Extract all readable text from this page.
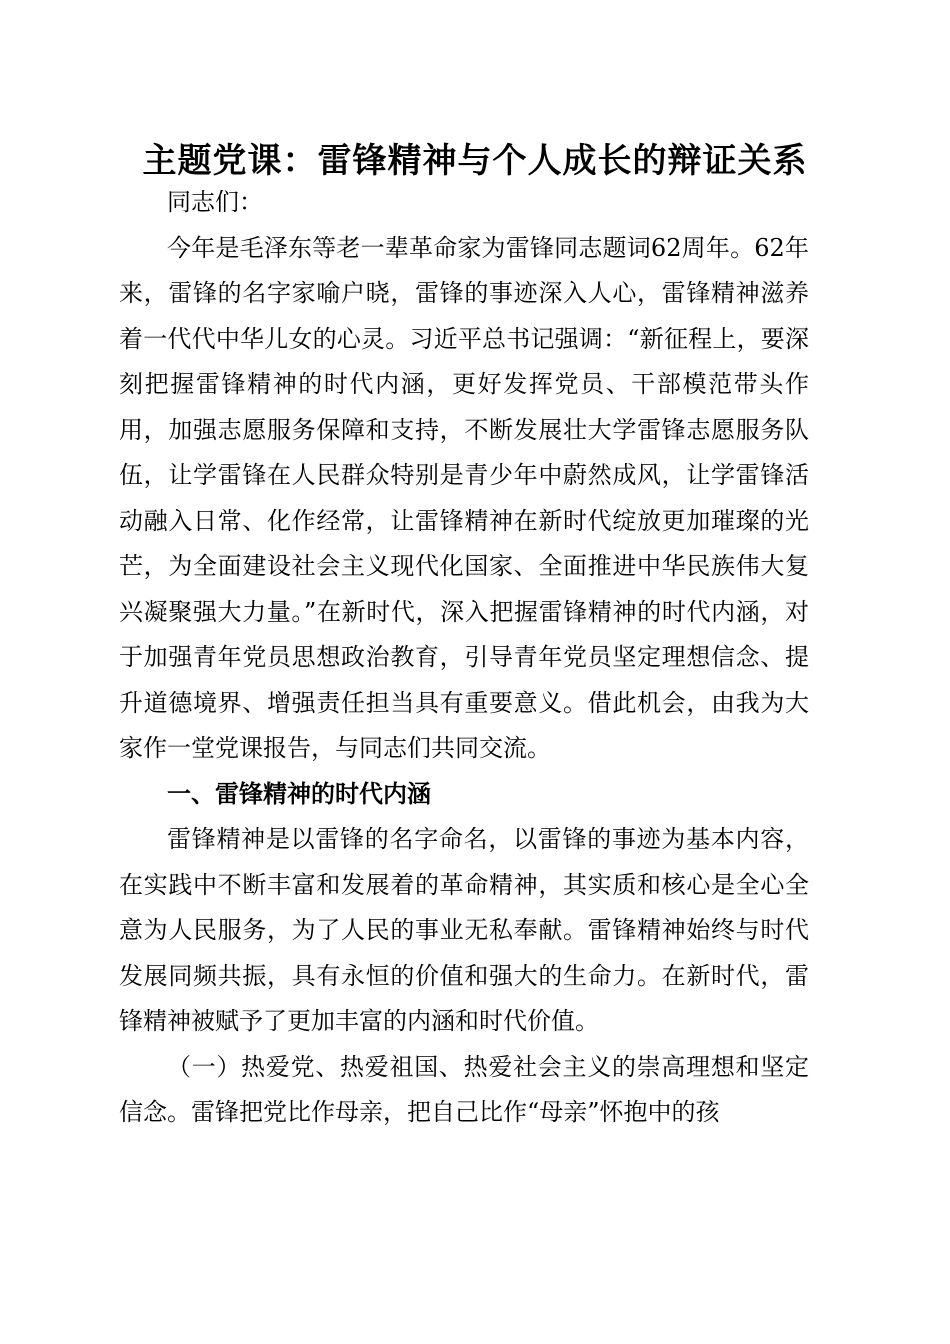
主题党课：雷锋精神与个人成长的辩证关系

同志们：

今年是毛泽东等老一辈革命家为雷锋同志题词62周年。62年来，雷锋的名字家喻户晓，雷锋的事迹深入人心，雷锋精神滋养着一代代中华儿女的心灵。习近平总书记强调：“新征程上，要深刻把握雷锋精神的时代内涵，更好发挥党员、干部模范带头作用，加强志愿服务保障和支持，不断发展壮大学雷锋志愿服务队伍，让学雷锋在人民群众特别是青少年中蔚然成风，让学雷锋活动融入日常、化作经常，让雷锋精神在新时代绽放更加璀璨的光芒，为全面建设社会主义现代化国家、全面推进中华民族伟大复兴凝聚强大力量。”在新时代，深入把握雷锋精神的时代内涵，对于加强青年党员思想政治教育，引导青年党员坚定理想信念、提升道德境界、增强责任担当具有重要意义。借此机会，由我为大家作一堂党课报告，与同志们共同交流。

一、雷锋精神的时代内涵

雷锋精神是以雷锋的名字命名，以雷锋的事迹为基本内容，在实践中不断丰富和发展着的革命精神，其实质和核心是全心全意为人民服务，为了人民的事业无私奉献。雷锋精神始终与时代发展同频共振，具有永恒的价值和强大的生命力。在新时代，雷锋精神被赋予了更加丰富的内涵和时代价值。

（一）热爱党、热爱祖国、热爱社会主义的崇高理想和坚定信念。雷锋把党比作母亲，把自己比作“母亲”怀抱中的孩
